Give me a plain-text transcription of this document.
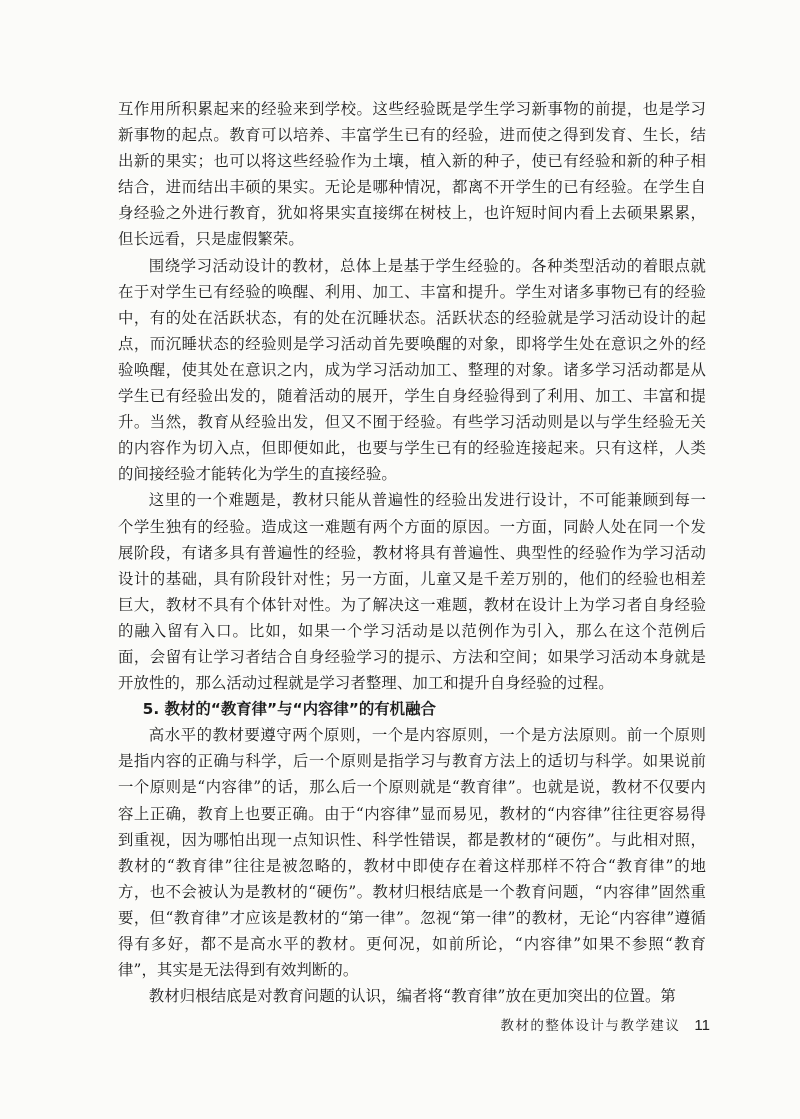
互作用所积累起来的经验来到学校。这些经验既是学生学习新事物的前提，也是学习新事物的起点。教育可以培养、丰富学生已有的经验，进而使之得到发育、生长，结出新的果实；也可以将这些经验作为土壤，植入新的种子，使已有经验和新的种子相结合，进而结出丰硕的果实。无论是哪种情况，都离不开学生的已有经验。在学生自身经验之外进行教育，犹如将果实直接绑在树枝上，也许短时间内看上去硕果累累，但长远看，只是虚假繁荣。

围绕学习活动设计的教材，总体上是基于学生经验的。各种类型活动的着眼点就在于对学生已有经验的唤醒、利用、加工、丰富和提升。学生对诸多事物已有的经验中，有的处在活跃状态，有的处在沉睡状态。活跃状态的经验就是学习活动设计的起点，而沉睡状态的经验则是学习活动首先要唤醒的对象，即将学生处在意识之外的经验唤醒，使其处在意识之内，成为学习活动加工、整理的对象。诸多学习活动都是从学生已有经验出发的，随着活动的展开，学生自身经验得到了利用、加工、丰富和提升。当然，教育从经验出发，但又不囿于经验。有些学习活动则是以与学生经验无关的内容作为切入点，但即便如此，也要与学生已有的经验连接起来。只有这样，人类的间接经验才能转化为学生的直接经验。

这里的一个难题是，教材只能从普遍性的经验出发进行设计，不可能兼顾到每一个学生独有的经验。造成这一难题有两个方面的原因。一方面，同龄人处在同一个发展阶段，有诸多具有普遍性的经验，教材将具有普遍性、典型性的经验作为学习活动设计的基础，具有阶段针对性；另一方面，儿童又是千差万别的，他们的经验也相差巨大，教材不具有个体针对性。为了解决这一难题，教材在设计上为学习者自身经验的融入留有入口。比如，如果一个学习活动是以范例作为引入，那么在这个范例后面，会留有让学习者结合自身经验学习的提示、方法和空间；如果学习活动本身就是开放性的，那么活动过程就是学习者整理、加工和提升自身经验的过程。

5. 教材的“教育律”与“内容律”的有机融合

高水平的教材要遵守两个原则，一个是内容原则，一个是方法原则。前一个原则是指内容的正确与科学，后一个原则是指学习与教育方法上的适切与科学。如果说前一个原则是“内容律”的话，那么后一个原则就是“教育律”。也就是说，教材不仅要内容上正确，教育上也要正确。由于“内容律”显而易见，教材的“内容律”往往更容易得到重视，因为哪怕出现一点知识性、科学性错误，都是教材的“硬伤”。与此相对照，教材的“教育律”往往是被忽略的，教材中即使存在着这样那样不符合“教育律”的地方，也不会被认为是教材的“硬伤”。教材归根结底是一个教育问题，“内容律”固然重要，但“教育律”才应该是教材的“第一律”。忽视“第一律”的教材，无论“内容律”遵循得有多好，都不是高水平的教材。更何况，如前所论，“内容律”如果不参照“教育律”，其实是无法得到有效判断的。

教材归根结底是对教育问题的认识，编者将“教育律”放在更加突出的位置。第

教材的整体设计与教学建议 11
